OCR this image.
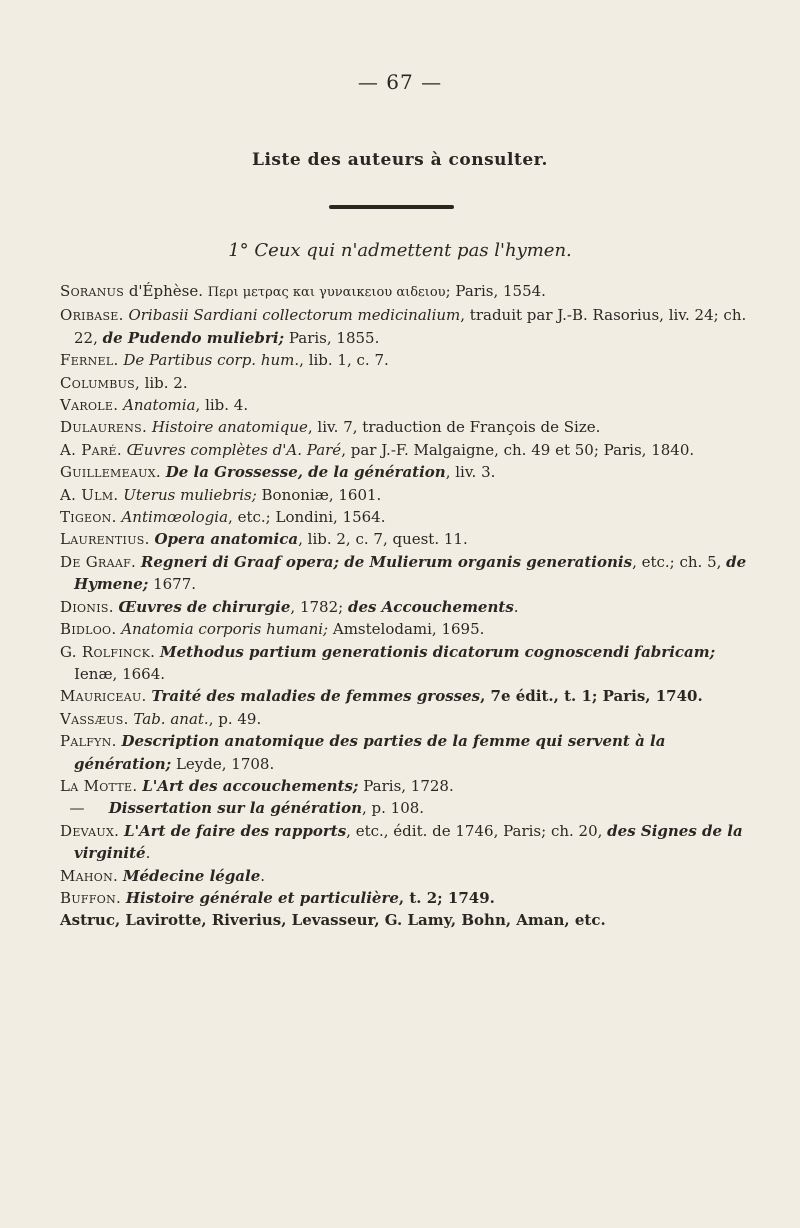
— 67 —
Liste des auteurs à consulter.
1° Ceux qui n'admettent pas l'hymen.

Soranus d'Éphèse. Περι μετρας και γυναικειου αιδειου; Paris, 1554.

Oribase. Oribasii Sardiani collectorum medicinalium, traduit par J.-B. Rasorius, liv. 24; ch. 22, de Pudendo muliebri; Paris, 1855.

Fernel. De Partibus corp. hum., lib. 1, c. 7.

Columbus, lib. 2.

Varole. Anatomia, lib. 4.

Dulaurens. Histoire anatomique, liv. 7, traduction de François de Size.

A. Paré. Œuvres complètes d'A. Paré, par J.-F. Malgaigne, ch. 49 et 50; Paris, 1840.

Guillemeaux. De la Grossesse, de la génération, liv. 3.

A. Ulm. Uterus muliebris; Bononiæ, 1601.

Tigeon. Antimœologia, etc.; Londini, 1564.

Laurentius. Opera anatomica, lib. 2, c. 7, quest. 11.

De Graaf. Regneri di Graaf opera; de Mulierum organis generationis, etc.; ch. 5, de Hymene; 1677.

Dionis. Œuvres de chirurgie, 1782; des Accouchements.

Bidloo. Anatomia corporis humani; Amstelodami, 1695.

G. Rolfinck. Methodus partium generationis dicatorum cognoscendi fabricam; Ienæ, 1664.

Mauriceau. Traité des maladies de femmes grosses, 7e édit., t. 1; Paris, 1740.

Vassæus. Tab. anat., p. 49.

Palfyn. Description anatomique des parties de la femme qui servent à la génération; Leyde, 1708.

La Motte. L'Art des accouchements; Paris, 1728.

— Dissertation sur la génération, p. 108.

Devaux. L'Art de faire des rapports, etc., édit. de 1746, Paris; ch. 20, des Signes de la virginité.

Mahon. Médecine légale.

Buffon. Histoire générale et particulière, t. 2; 1749.

Astruc, Lavirotte, Riverius, Levasseur, G. Lamy, Bohn, Aman, etc.
